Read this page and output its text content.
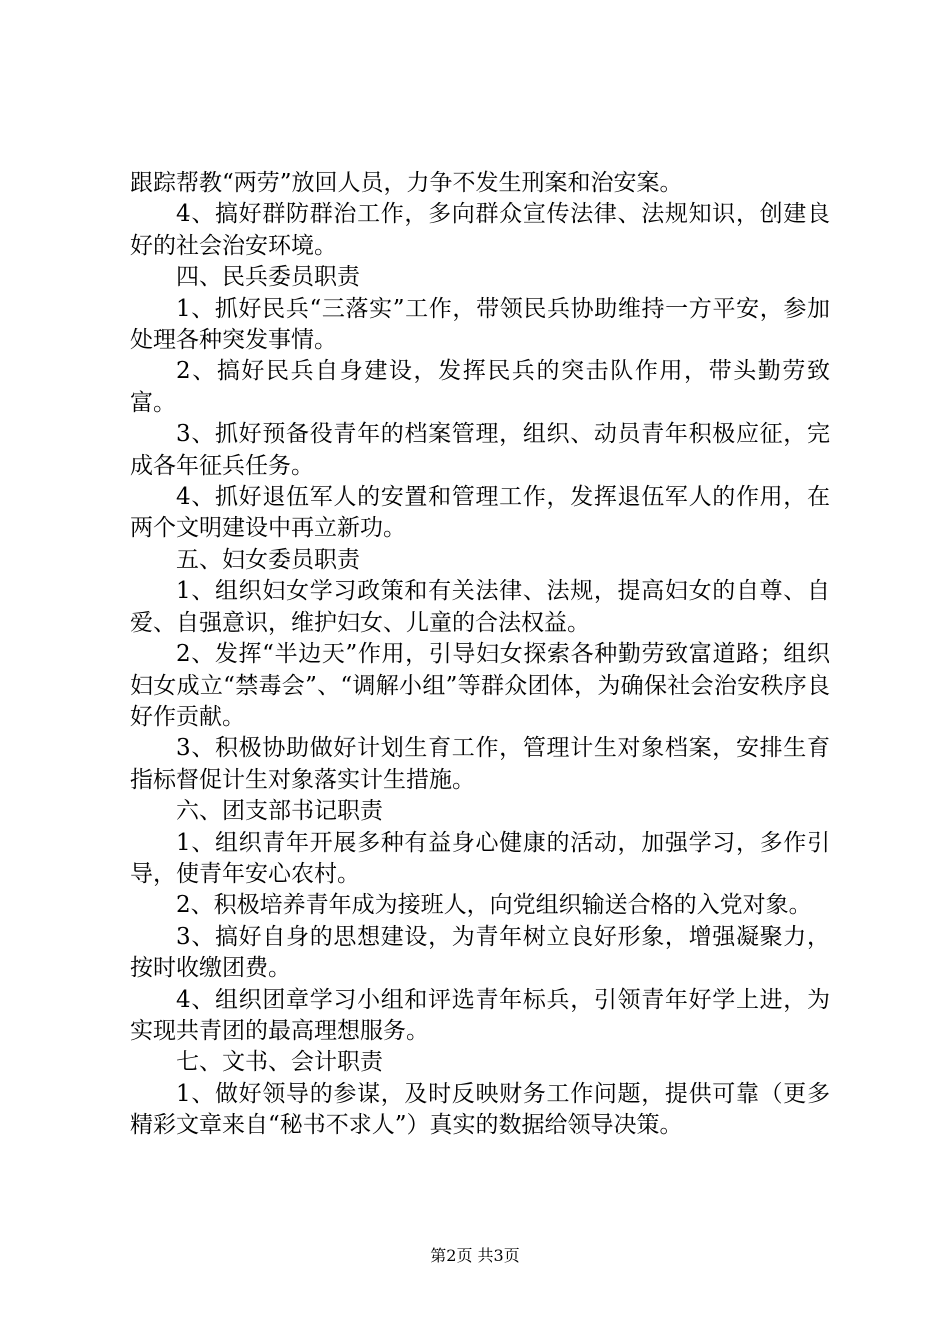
跟踪帮教“两劳”放回人员，力争不发生刑案和治安案。

4、搞好群防群治工作，多向群众宣传法律、法规知识，创建良好的社会治安环境。

四、民兵委员职责

1、抓好民兵“三落实”工作，带领民兵协助维持一方平安，参加处理各种突发事情。

2、搞好民兵自身建设，发挥民兵的突击队作用，带头勤劳致富。

3、抓好预备役青年的档案管理，组织、动员青年积极应征，完成各年征兵任务。

4、抓好退伍军人的安置和管理工作，发挥退伍军人的作用，在两个文明建设中再立新功。

五、妇女委员职责

1、组织妇女学习政策和有关法律、法规，提高妇女的自尊、自爱、自强意识，维护妇女、儿童的合法权益。

2、发挥“半边天”作用，引导妇女探索各种勤劳致富道路；组织妇女成立“禁毒会”、“调解小组”等群众团体，为确保社会治安秩序良好作贡献。

3、积极协助做好计划生育工作，管理计生对象档案，安排生育指标督促计生对象落实计生措施。

六、团支部书记职责

1、组织青年开展多种有益身心健康的活动，加强学习，多作引导，使青年安心农村。

2、积极培养青年成为接班人，向党组织输送合格的入党对象。

3、搞好自身的思想建设，为青年树立良好形象，增强凝聚力，按时收缴团费。

4、组织团章学习小组和评选青年标兵，引领青年好学上进，为实现共青团的最高理想服务。

七、文书、会计职责

1、做好领导的参谋，及时反映财务工作问题，提供可靠（更多精彩文章来自“秘书不求人”）真实的数据给领导决策。

第2页 共3页
